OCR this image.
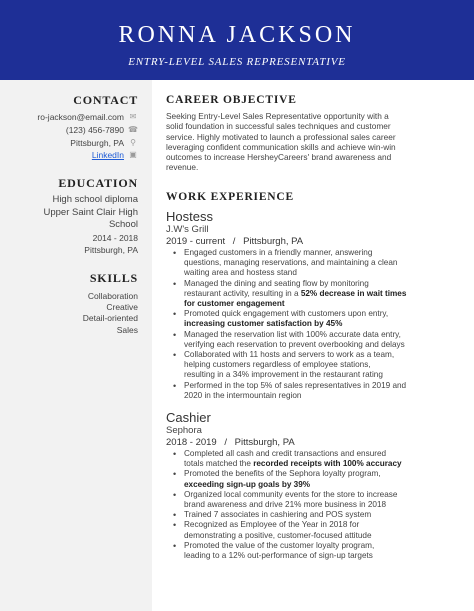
RONNA JACKSON
ENTRY-LEVEL SALES REPRESENTATIVE
CONTACT
ro-jackson@email.com ✉
(123) 456-7890 ☎
Pittsburgh, PA ⚲
LinkedIn ▣
EDUCATION
High school diploma
Upper Saint Clair High
School
2014 - 2018
Pittsburgh, PA
SKILLS
Collaboration
Creative
Detail-oriented
Sales
CAREER OBJECTIVE

Seeking Entry-Level Sales Representative opportunity with a

solid foundation in successful sales techniques and customer

service. Highly motivated to launch a professional sales career

leveraging confident communication skills and achieve win-win

outcomes to increase HersheyCareers' brand awareness and

revenue.

WORK EXPERIENCE
Hostess
J.W's Grill
2019 - current / Pittsburgh, PA
• Engaged customers in a friendly manner, answering
questions, managing reservations, and maintaining a clean
waiting area and hostess stand
• Managed the dining and seating flow by monitoring
restaurant activity, resulting in a 52% decrease in wait times
for customer engagement
• Promoted quick engagement with customers upon entry,
increasing customer satisfaction by 45%
• Managed the reservation list with 100% accurate data entry,
verifying each reservation to prevent overbooking and delays
• Collaborated with 11 hosts and servers to work as a team,
helping customers regardless of employee stations,
resulting in a 34% improvement in the restaurant rating
• Performed in the top 5% of sales representatives in 2019 and
2020 in the intermountain region
Cashier
Sephora
2018 - 2019 / Pittsburgh, PA
• Completed all cash and credit transactions and ensured
totals matched the recorded receipts with 100% accuracy
• Promoted the benefits of the Sephora loyalty program,
exceeding sign-up goals by 39%
• Organized local community events for the store to increase
brand awareness and drive 21% more business in 2018
• Trained 7 associates in cashiering and POS system
• Recognized as Employee of the Year in 2018 for
demonstrating a positive, customer-focused attitude
• Promoted the value of the customer loyalty program,
leading to a 12% out-performance of sign-up targets
